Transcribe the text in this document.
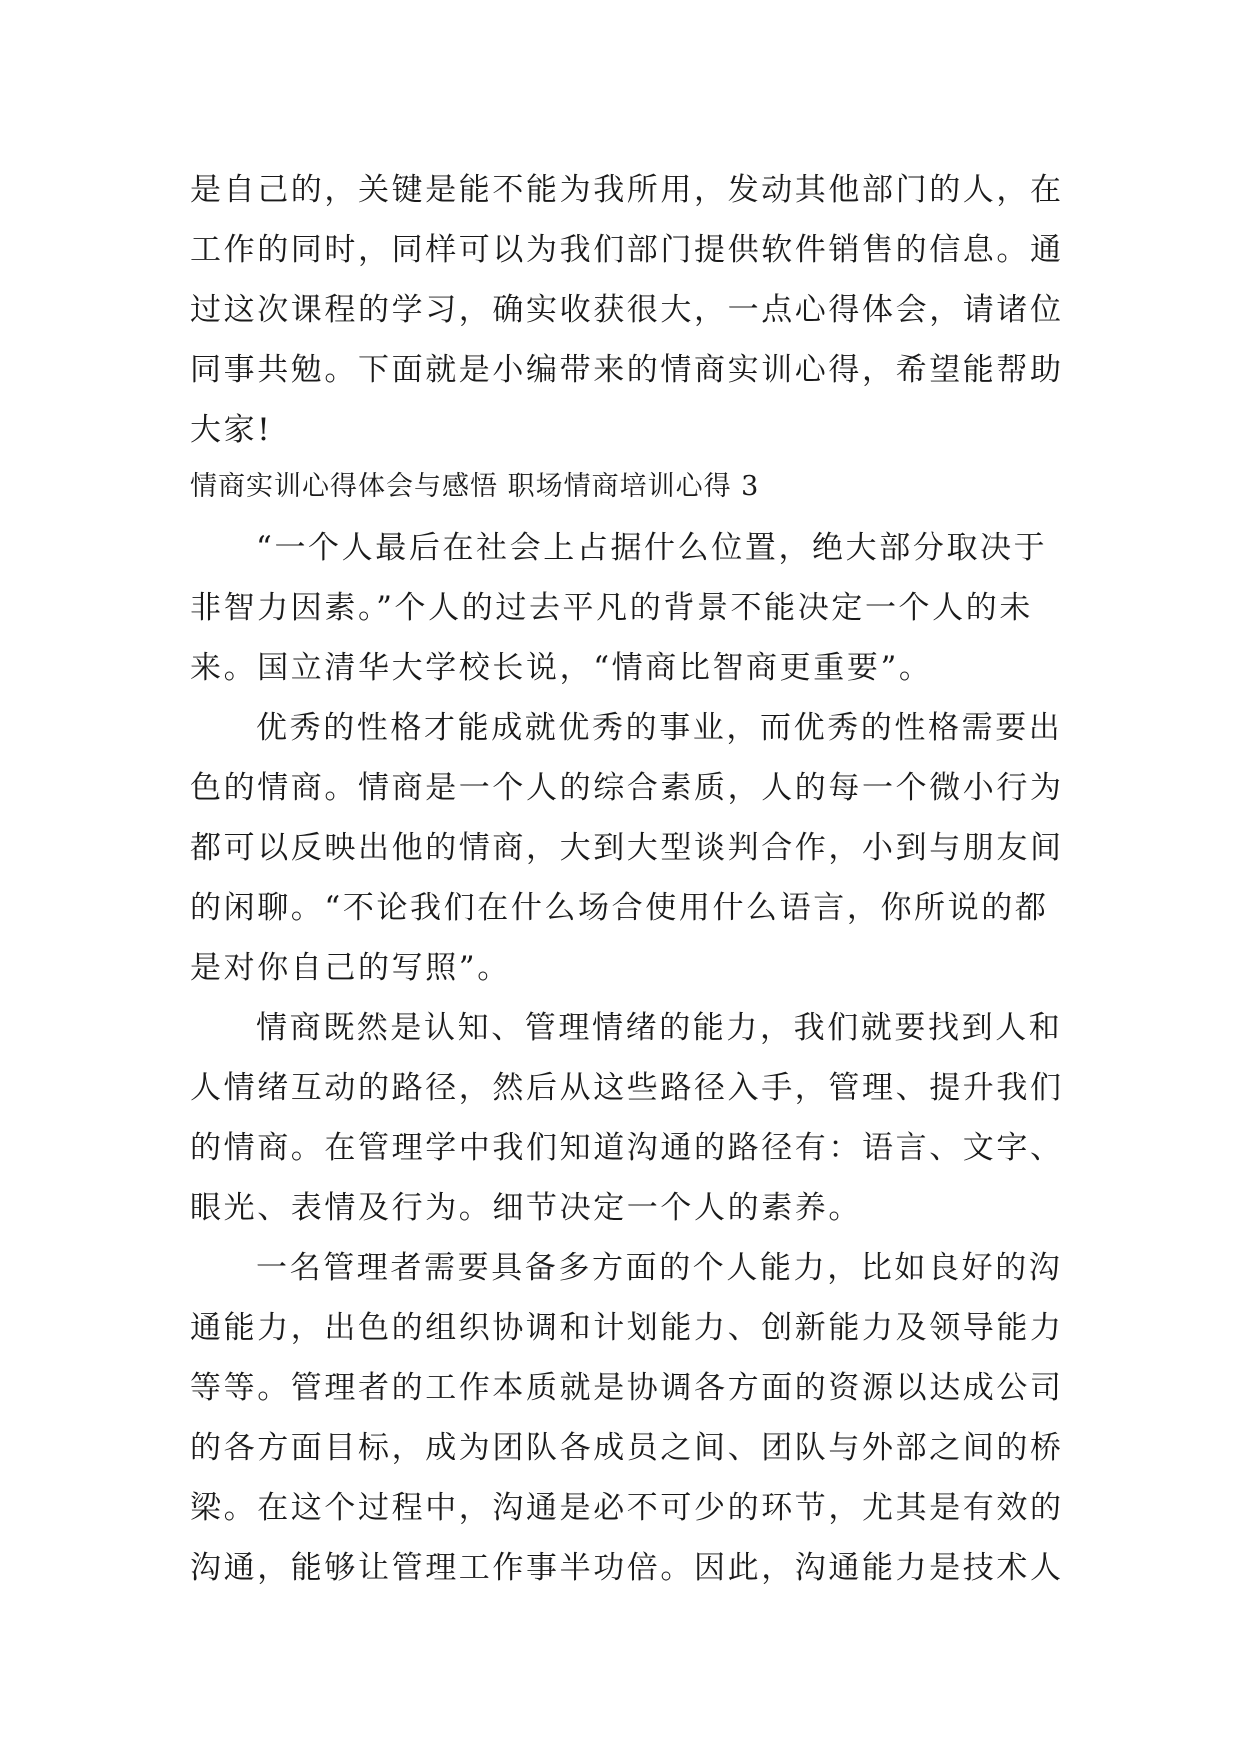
是自己的，关键是能不能为我所用，发动其他部门的人，在
工作的同时，同样可以为我们部门提供软件销售的信息。通
过这次课程的学习，确实收获很大，一点心得体会，请诸位
同事共勉。下面就是小编带来的情商实训心得，希望能帮助
大家!
情商实训心得体会与感悟 职场情商培训心得 3
“一个人最后在社会上占据什么位置，绝大部分取决于
非智力因素。”个人的过去平凡的背景不能决定一个人的未
来。国立清华大学校长说，“情商比智商更重要”。
优秀的性格才能成就优秀的事业，而优秀的性格需要出
色的情商。情商是一个人的综合素质，人的每一个微小行为
都可以反映出他的情商，大到大型谈判合作，小到与朋友间
的闲聊。“不论我们在什么场合使用什么语言，你所说的都
是对你自己的写照”。
情商既然是认知、管理情绪的能力，我们就要找到人和
人情绪互动的路径，然后从这些路径入手，管理、提升我们
的情商。在管理学中我们知道沟通的路径有：语言、文字、
眼光、表情及行为。细节决定一个人的素养。
一名管理者需要具备多方面的个人能力，比如良好的沟
通能力，出色的组织协调和计划能力、创新能力及领导能力
等等。管理者的工作本质就是协调各方面的资源以达成公司
的各方面目标，成为团队各成员之间、团队与外部之间的桥
梁。在这个过程中，沟通是必不可少的环节，尤其是有效的
沟通，能够让管理工作事半功倍。因此，沟通能力是技术人
